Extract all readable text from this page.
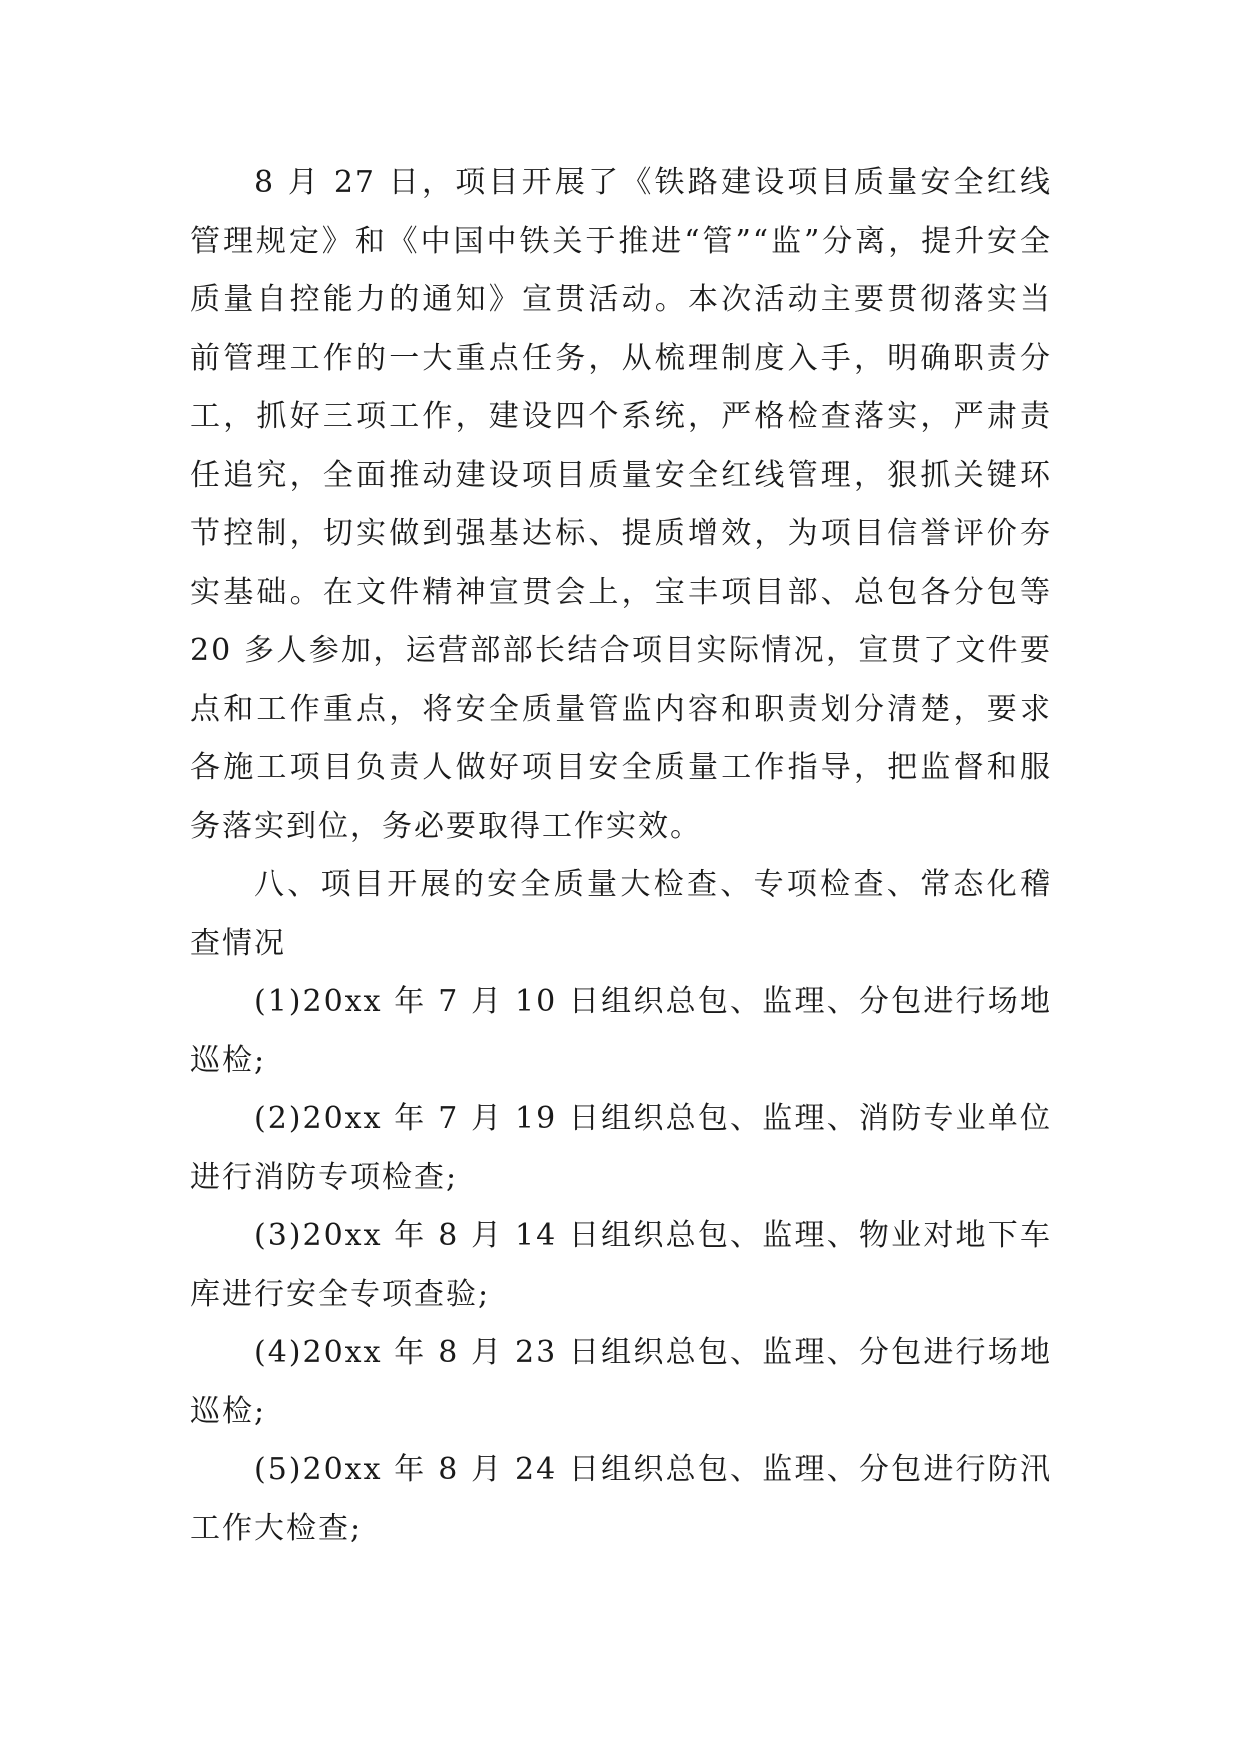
8 月 27 日，项目开展了《铁路建设项目质量安全红线管理规定》和《中国中铁关于推进“管”“监”分离，提升安全质量自控能力的通知》宣贯活动。本次活动主要贯彻落实当前管理工作的一大重点任务，从梳理制度入手，明确职责分工，抓好三项工作，建设四个系统，严格检查落实，严肃责任追究，全面推动建设项目质量安全红线管理，狠抓关键环节控制，切实做到强基达标、提质增效，为项目信誉评价夯实基础。在文件精神宣贯会上，宝丰项目部、总包各分包等 20 多人参加，运营部部长结合项目实际情况，宣贯了文件要点和工作重点，将安全质量管监内容和职责划分清楚，要求各施工项目负责人做好项目安全质量工作指导，把监督和服务落实到位，务必要取得工作实效。

八、项目开展的安全质量大检查、专项检查、常态化稽查情况

(1)20xx 年 7 月 10 日组织总包、监理、分包进行场地巡检;

(2)20xx 年 7 月 19 日组织总包、监理、消防专业单位进行消防专项检查;

(3)20xx 年 8 月 14 日组织总包、监理、物业对地下车库进行安全专项查验;

(4)20xx 年 8 月 23 日组织总包、监理、分包进行场地巡检;

(5)20xx 年 8 月 24 日组织总包、监理、分包进行防汛工作大检查;
